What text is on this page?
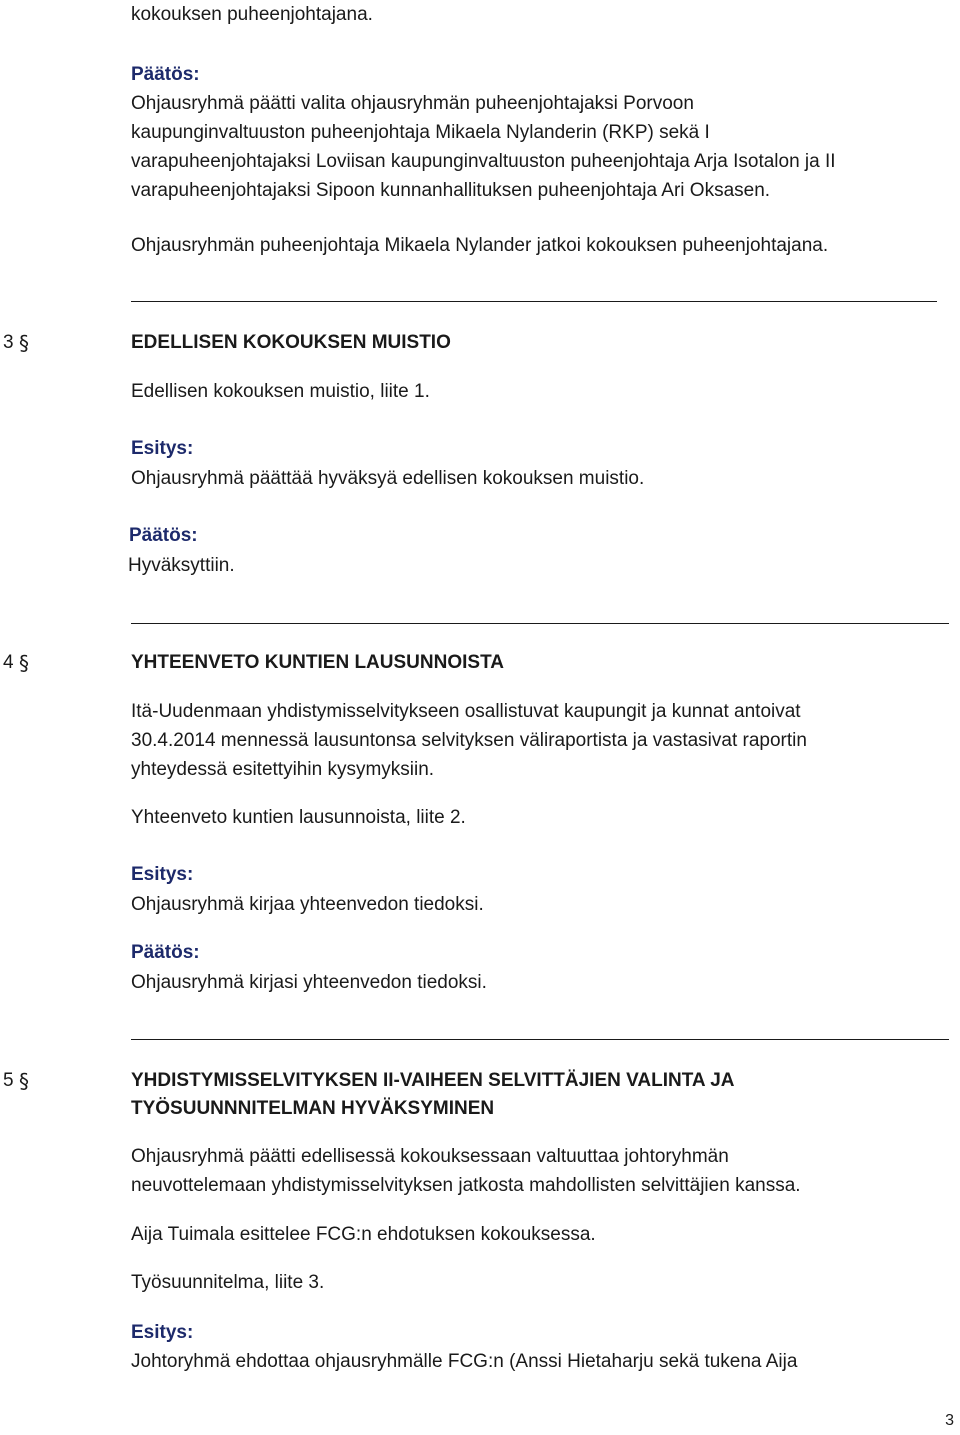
kokouksen puheenjohtajana.
Päätös:
Ohjausryhmä päätti valita ohjausryhmän puheenjohtajaksi Porvoon
kaupunginvaltuuston puheenjohtaja Mikaela Nylanderin (RKP) sekä I
varapuheenjohtajaksi Loviisan kaupunginvaltuuston puheenjohtaja Arja Isotalon ja II
varapuheenjohtajaksi Sipoon kunnanhallituksen puheenjohtaja Ari Oksasen.
Ohjausryhmän puheenjohtaja Mikaela Nylander jatkoi kokouksen puheenjohtajana.
3 §	EDELLISEN KOKOUKSEN MUISTIO
Edellisen kokouksen muistio, liite 1.
Esitys:
Ohjausryhmä päättää hyväksyä edellisen kokouksen muistio.
Päätös:
Hyväksyttiin.
4 §	YHTEENVETO KUNTIEN LAUSUNNOISTA
Itä-Uudenmaan yhdistymisselvitykseen osallistuvat kaupungit ja kunnat antoivat
30.4.2014 mennessä lausuntonsa selvityksen väliraportista ja vastasivat raportin
yhteydessä esitettyihin kysymyksiin.
Yhteenveto kuntien lausunnoista, liite 2.
Esitys:
Ohjausryhmä kirjaa yhteenvedon tiedoksi.
Päätös:
Ohjausryhmä kirjasi yhteenvedon tiedoksi.
5 §	YHDISTYMISSELVITYKSEN II-VAIHEEN SELVITTÄJIEN VALINTA JA
TYÖSUUNNNITELMAN HYVÄKSYMINEN
Ohjausryhmä päätti edellisessä kokouksessaan valtuuttaa johtoryhmän
neuvottelemaan yhdistymisselvityksen jatkosta mahdollisten selvittäjien kanssa.
Aija Tuimala esittelee FCG:n ehdotuksen kokouksessa.
Työsuunnitelma, liite 3.
Esitys:
Johtoryhmä ehdottaa ohjausryhmälle FCG:n (Anssi Hietaharju sekä tukena Aija
3
